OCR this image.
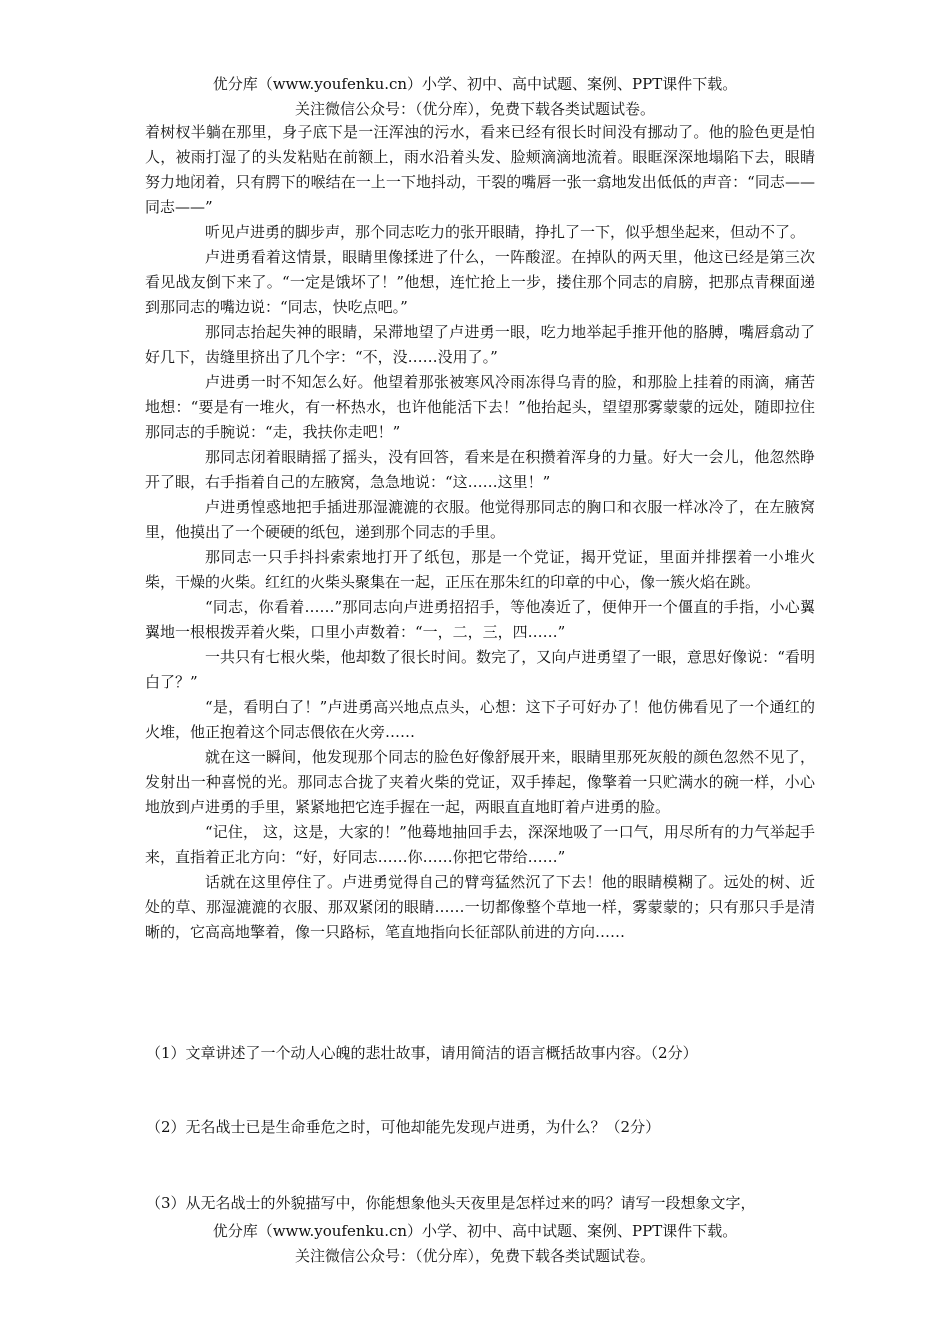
优分库（www.youfenku.cn）小学、初中、高中试题、案例、PPT课件下载。
关注微信公众号：（优分库），免费下载各类试题试卷。

着树杈半躺在那里，身子底下是一汪浑浊的污水，看来已经有很长时间没有挪动了。他的脸色更是怕人，被雨打湿了的头发粘贴在前额上，雨水沿着头发、脸颊滴滴地流着。眼眶深深地塌陷下去，眼睛努力地闭着，只有腭下的喉结在一上一下地抖动，干裂的嘴唇一张一翕地发出低低的声音：“同志——同志——”

听见卢进勇的脚步声，那个同志吃力的张开眼睛，挣扎了一下，似乎想坐起来，但动不了。

卢进勇看着这情景，眼睛里像揉进了什么，一阵酸涩。在掉队的两天里，他这已经是第三次看见战友倒下来了。“一定是饿坏了！”他想，连忙抢上一步，搂住那个同志的肩膀，把那点青稞面递到那同志的嘴边说：“同志，快吃点吧。”

那同志抬起失神的眼睛，呆滞地望了卢进勇一眼，吃力地举起手推开他的胳膊，嘴唇翕动了好几下，齿缝里挤出了几个字：“不，没……没用了。”

卢进勇一时不知怎么好。他望着那张被寒风冷雨冻得乌青的脸，和那脸上挂着的雨滴，痛苦地想：“要是有一堆火，有一杯热水，也许他能活下去！”他抬起头，望望那雾蒙蒙的远处，随即拉住那同志的手腕说：“走，我扶你走吧！”

那同志闭着眼睛摇了摇头，没有回答，看来是在积攒着浑身的力量。好大一会儿，他忽然睁开了眼，右手指着自己的左腋窝，急急地说：“这……这里！”

卢进勇惶惑地把手插进那湿漉漉的衣服。他觉得那同志的胸口和衣服一样冰冷了，在左腋窝里，他摸出了一个硬硬的纸包，递到那个同志的手里。

那同志一只手抖抖索索地打开了纸包，那是一个党证，揭开党证，里面并排摆着一小堆火柴，干燥的火柴。红红的火柴头聚集在一起，正压在那朱红的印章的中心，像一簇火焰在跳。

“同志，你看着……”那同志向卢进勇招招手，等他凑近了，便伸开一个僵直的手指，小心翼翼地一根根拨弄着火柴，口里小声数着：“一，二，三，四……”

一共只有七根火柴，他却数了很长时间。数完了，又向卢进勇望了一眼，意思好像说：“看明白了？”

“是，看明白了！”卢进勇高兴地点点头，心想：这下子可好办了！他仿佛看见了一个通红的火堆，他正抱着这个同志偎依在火旁……

就在这一瞬间，他发现那个同志的脸色好像舒展开来，眼睛里那死灰般的颜色忽然不见了，发射出一种喜悦的光。那同志合拢了夹着火柴的党证，双手捧起，像擎着一只贮满水的碗一样，小心地放到卢进勇的手里，紧紧地把它连手握在一起，两眼直直地盯着卢进勇的脸。

“记住， 这，这是，大家的！”他蓦地抽回手去，深深地吸了一口气，用尽所有的力气举起手来，直指着正北方向：“好，好同志……你……你把它带给……”

话就在这里停住了。卢进勇觉得自己的臂弯猛然沉了下去！他的眼睛模糊了。远处的树、近处的草、那湿漉漉的衣服、那双紧闭的眼睛……一切都像整个草地一样，雾蒙蒙的；只有那只手是清晰的，它高高地擎着，像一只路标，笔直地指向长征部队前进的方向……

（1）文章讲述了一个动人心魄的悲壮故事，请用简洁的语言概括故事内容。（2分）
（2）无名战士已是生命垂危之时，可他却能先发现卢进勇，为什么？（2分）
（3）从无名战士的外貌描写中，你能想象他头天夜里是怎样过来的吗？请写一段想象文字，
优分库（www.youfenku.cn）小学、初中、高中试题、案例、PPT课件下载。
关注微信公众号：（优分库），免费下载各类试题试卷。
